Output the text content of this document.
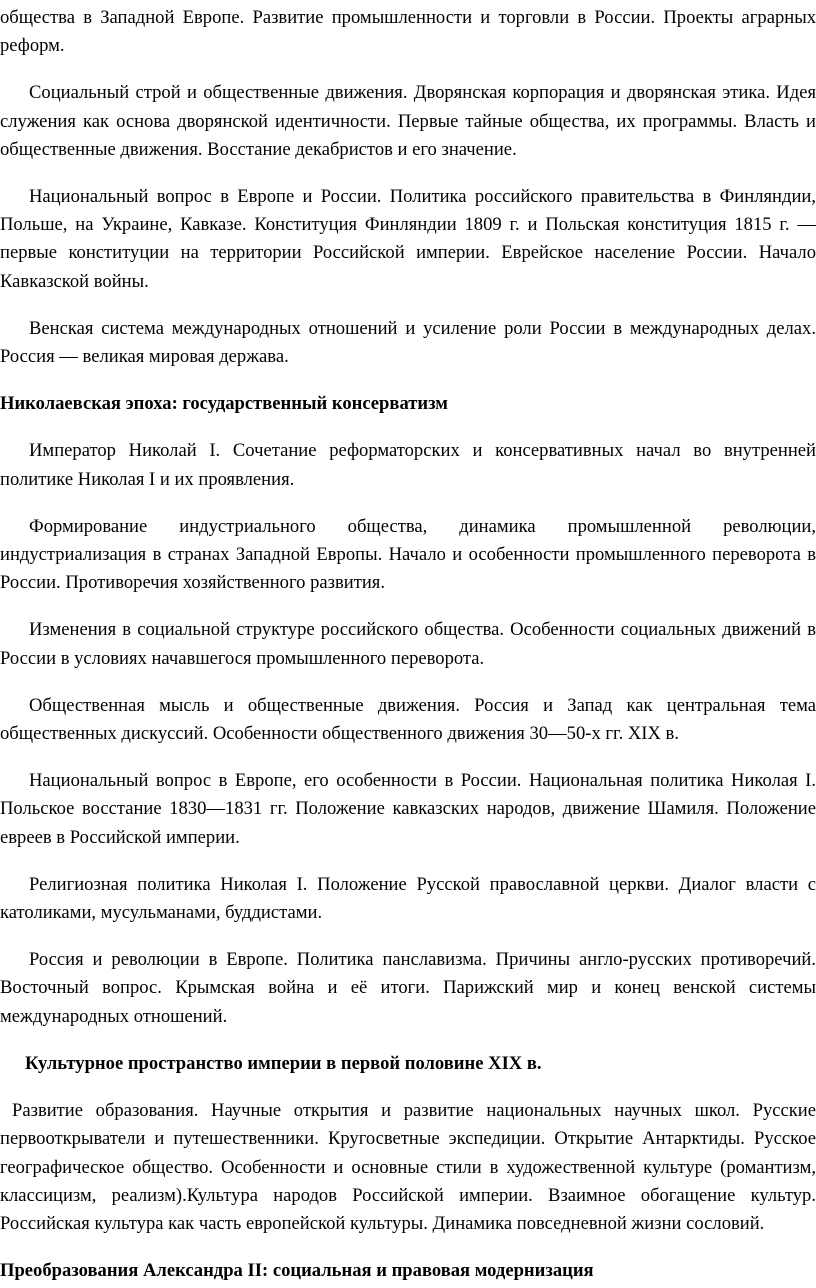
общества в Западной Европе. Развитие промышленности и торговли в России. Проекты аграрных реформ.

Социальный строй и общественные движения. Дворянская корпорация и дворянская этика. Идея служения как основа дворянской идентичности. Первые тайные общества, их программы. Власть и общественные движения. Восстание декабристов и его значение.

Национальный вопрос в Европе и России. Политика российского правительства в Финляндии, Польше, на Украине, Кавказе. Конституция Финляндии 1809 г. и Польская конституция 1815 г. — первые конституции на территории Российской империи. Еврейское население России. Начало Кавказской войны.

Венская система международных отношений и усиление роли России в международных делах. Россия — великая мировая держава.

Николаевская эпоха: государственный консерватизм

Император Николай I. Сочетание реформаторских и консервативных начал во внутренней политике Николая I и их проявления.

Формирование индустриального общества, динамика промышленной революции, индустриализация в странах Западной Европы. Начало и особенности промышленного переворота в России. Противоречия хозяйственного развития.

Изменения в социальной структуре российского общества. Особенности социальных движений в России в условиях начавшегося промышленного переворота.

Общественная мысль и общественные движения. Россия и Запад как центральная тема общественных дискуссий. Особенности общественного движения 30—50-х гг. XIX в.

Национальный вопрос в Европе, его особенности в России. Национальная политика Николая I. Польское восстание 1830—1831 гг. Положение кавказских народов, движение Шамиля. Положение евреев в Российской империи.

Религиозная политика Николая I. Положение Русской православной церкви. Диалог власти с католиками, мусульманами, буддистами.

Россия и революции в Европе. Политика панславизма. Причины англо-русских противоречий. Восточный вопрос. Крымская война и её итоги. Парижский мир и конец венской системы международных отношений.

Культурное пространство империи в первой половине XIX в.

Развитие образования. Научные открытия и развитие национальных научных школ. Русские первооткрыватели и путешественники. Кругосветные экспедиции. Открытие Антарктиды. Русское географическое общество. Особенности и основные стили в художественной культуре (романтизм, классицизм, реализм).Культура народов Российской империи. Взаимное обогащение культур. Российская культура как часть европейской культуры. Динамика повседневной жизни сословий.

Преобразования Александра II: социальная и правовая модернизация
